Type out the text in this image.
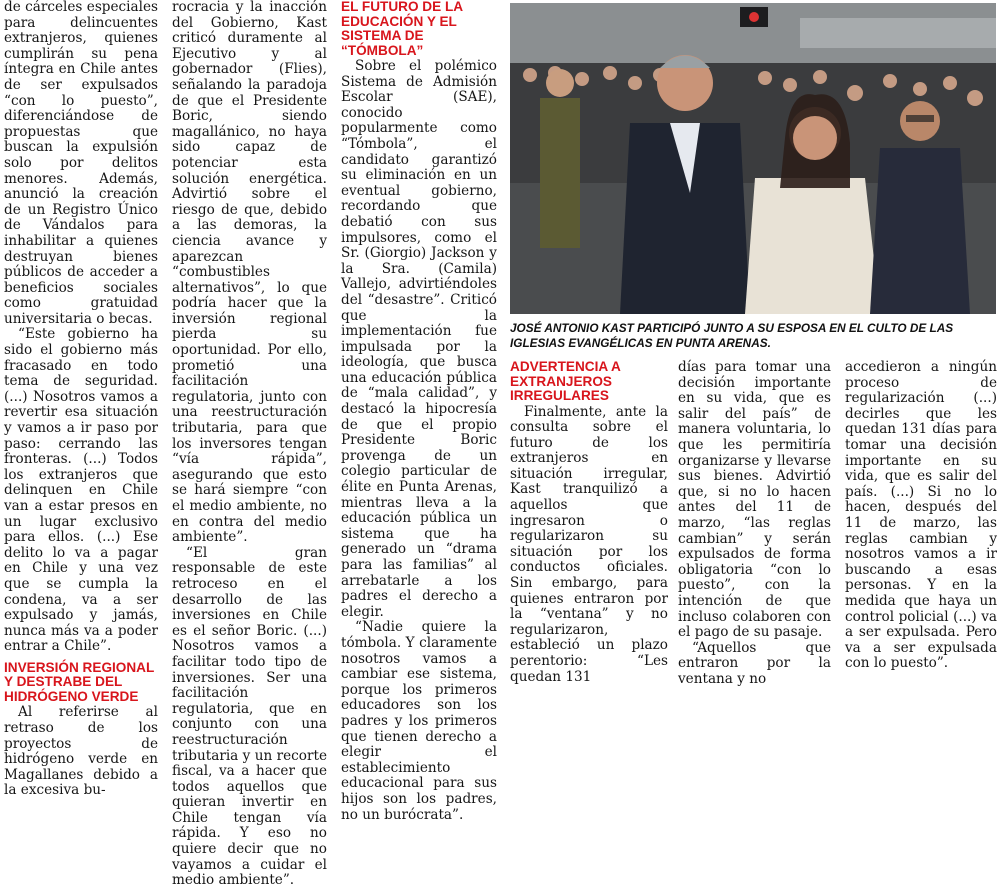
de cárceles especiales para delincuentes extranjeros, quienes cumplirán su pena íntegra en Chile antes de ser expulsados “con lo puesto”, diferenciándose de propuestas que buscan la expulsión solo por delitos menores. Además, anunció la creación de un Registro Único de Vándalos para inhabilitar a quienes destruyan bienes públicos de acceder a beneficios sociales como gratuidad universitaria o becas.

“Este gobierno ha sido el gobierno más fracasado en todo tema de seguridad. (...) Nosotros vamos a revertir esa situación y vamos a ir paso por paso: cerrando las fronteras. (...) Todos los extranjeros que delinquen en Chile van a estar presos en un lugar exclusivo para ellos. (...) Ese delito lo va a pagar en Chile y una vez que se cumpla la condena, va a ser expulsado y jamás, nunca más va a poder entrar a Chile”.

INVERSIÓN REGIONAL Y DESTRABE DEL HIDRÓGENO VERDE

Al referirse al retraso de los proyectos de hidrógeno verde en Magallanes debido a la excesiva bu-

rocracia y la inacción del Gobierno, Kast criticó duramente al Ejecutivo y al gobernador (Flies), señalando la paradoja de que el Presidente Boric, siendo magallánico, no haya sido capaz de potenciar esta solución energética. Advirtió sobre el riesgo de que, debido a las demoras, la ciencia avance y aparezcan “combustibles alternativos”, lo que podría hacer que la inversión regional pierda su oportunidad. Por ello, prometió una facilitación regulatoria, junto con una reestructuración tributaria, para que los inversores tengan “vía rápida”, asegurando que esto se hará siempre “con el medio ambiente, no en contra del medio ambiente”.

“El gran responsable de este retroceso en el desarrollo de las inversiones en Chile es el señor Boric. (...) Nosotros vamos a facilitar todo tipo de inversiones. Ser una facilitación regulatoria, que en conjunto con una reestructuración tributaria y un recorte fiscal, va a hacer que todos aquellos que quieran invertir en Chile tengan vía rápida. Y eso no quiere decir que no vayamos a cuidar el medio ambiente”.

EL FUTURO DE LA EDUCACIÓN Y EL SISTEMA DE “TÓMBOLA”

Sobre el polémico Sistema de Admisión Escolar (SAE), conocido popularmente como “Tómbola”, el candidato garantizó su eliminación en un eventual gobierno, recordando que debatió con sus impulsores, como el Sr. (Giorgio) Jackson y la Sra. (Camila) Vallejo, advirtiéndoles del “desastre”. Criticó que la implementación fue impulsada por la ideología, que busca una educación pública de “mala calidad”, y destacó la hipocresía de que el propio Presidente Boric provenga de un colegio particular de élite en Punta Arenas, mientras lleva a la educación pública un sistema que ha generado un “drama para las familias” al arrebatarle a los padres el derecho a elegir.

“Nadie quiere la tómbola. Y claramente nosotros vamos a cambiar ese sistema, porque los primeros educadores son los padres y los primeros que tienen derecho a elegir el establecimiento educacional para sus hijos son los padres, no un burócrata”.

JOSÉ ANTONIO KAST PARTICIPÓ JUNTO A SU ESPOSA EN EL CULTO DE LAS IGLESIAS EVANGÉLICAS EN PUNTA ARENAS.
ADVERTENCIA A EXTRANJEROS IRREGULARES

Finalmente, ante la consulta sobre el futuro de los extranjeros en situación irregular, Kast tranquilizó a aquellos que ingresaron o regularizaron su situación por los conductos oficiales. Sin embargo, para quienes entraron por la “ventana” y no regularizaron, estableció un plazo perentorio: “Les quedan 131

días para tomar una decisión importante en su vida, que es salir del país” de manera voluntaria, lo que les permitiría organizarse y llevarse sus bienes. Advirtió que, si no lo hacen antes del 11 de marzo, “las reglas cambian” y serán expulsados de forma obligatoria “con lo puesto”, con la intención de que incluso colaboren con el pago de su pasaje.

“Aquellos que entraron por la ventana y no

accedieron a ningún proceso de regularización (...) decirles que les quedan 131 días para tomar una decisión importante en su vida, que es salir del país. (...) Si no lo hacen, después del 11 de marzo, las reglas cambian y nosotros vamos a ir buscando a esas personas. Y en la medida que haya un control policial (...) va a ser expulsada. Pero va a ser expulsada con lo puesto”.
